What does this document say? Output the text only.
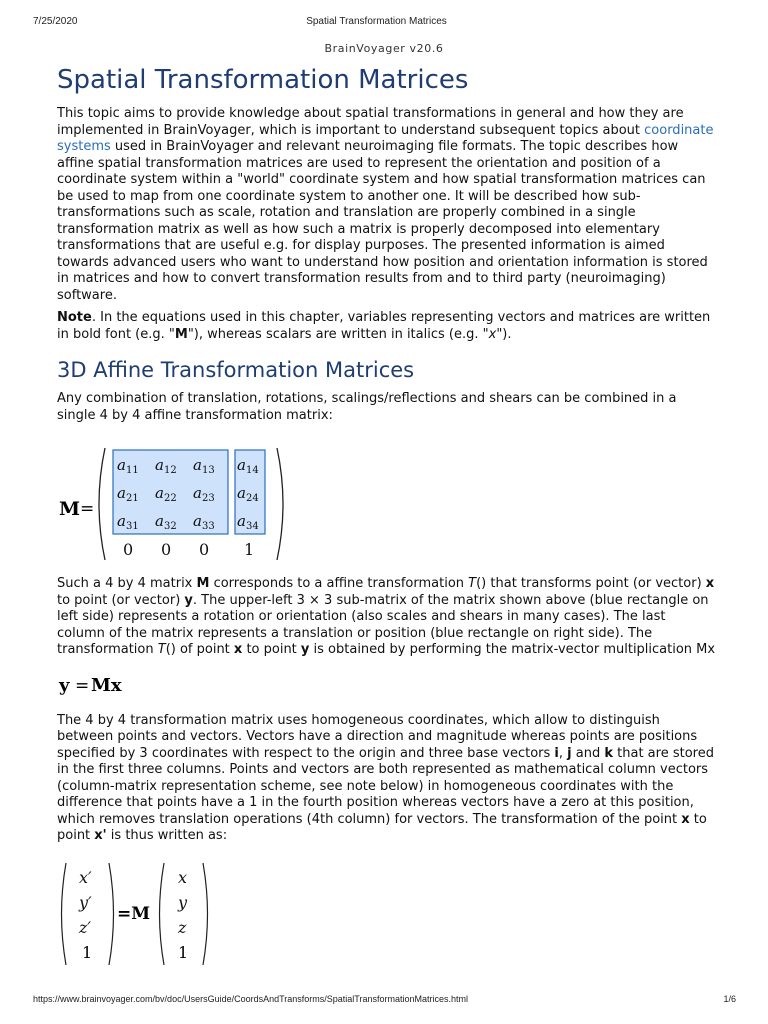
7/25/2020	Spatial Transformation Matrices
BrainVoyager v20.6
Spatial Transformation Matrices

This topic aims to provide knowledge about spatial transformations in general and how they are implemented in BrainVoyager, which is important to understand subsequent topics about coordinate systems used in BrainVoyager and relevant neuroimaging file formats. The topic describes how affine spatial transformation matrices are used to represent the orientation and position of a coordinate system within a "world" coordinate system and how spatial transformation matrices can be used to map from one coordinate system to another one. It will be described how sub-transformations such as scale, rotation and translation are properly combined in a single transformation matrix as well as how such a matrix is properly decomposed into elementary transformations that are useful e.g. for display purposes. The presented information is aimed towards advanced users who want to understand how position and orientation information is stored in matrices and how to convert transformation results from and to third party (neuroimaging) software.

Note. In the equations used in this chapter, variables representing vectors and matrices are written in bold font (e.g. "M"), whereas scalars are written in italics (e.g. "x").

3D Affine Transformation Matrices

Any combination of translation, rotations, scalings/reflections and shears can be combined in a single 4 by 4 affine transformation matrix:

M =
$a_{11}$ $a_{12}$ $a_{13}$ $a_{14}$
$a_{21}$ $a_{22}$ $a_{23}$ $a_{24}$
$a_{31}$ $a_{32}$ $a_{33}$ $a_{34}$
0 0 0 1

Such a 4 by 4 matrix M corresponds to a affine transformation T() that transforms point (or vector) x to point (or vector) y. The upper-left 3 × 3 sub-matrix of the matrix shown above (blue rectangle on left side) represents a rotation or orientation (also scales and shears in many cases). The last column of the matrix represents a translation or position (blue rectangle on right side). The transformation T() of point x to point y is obtained by performing the matrix-vector multiplication Mx

y = Mx

The 4 by 4 transformation matrix uses homogeneous coordinates, which allow to distinguish between points and vectors. Vectors have a direction and magnitude whereas points are positions specified by 3 coordinates with respect to the origin and three base vectors i, j and k that are stored in the first three columns. Points and vectors are both represented as mathematical column vectors (column-matrix representation scheme, see note below) in homogeneous coordinates with the difference that points have a 1 in the fourth position whereas vectors have a zero at this position, which removes translation operations (4th column) for vectors. The transformation of the point x to point x' is thus written as:

x′
y′
z′
1
=M
x
y
z
1
https://www.brainvoyager.com/bv/doc/UsersGuide/CoordsAndTransforms/SpatialTransformationMatrices.html	1/6
